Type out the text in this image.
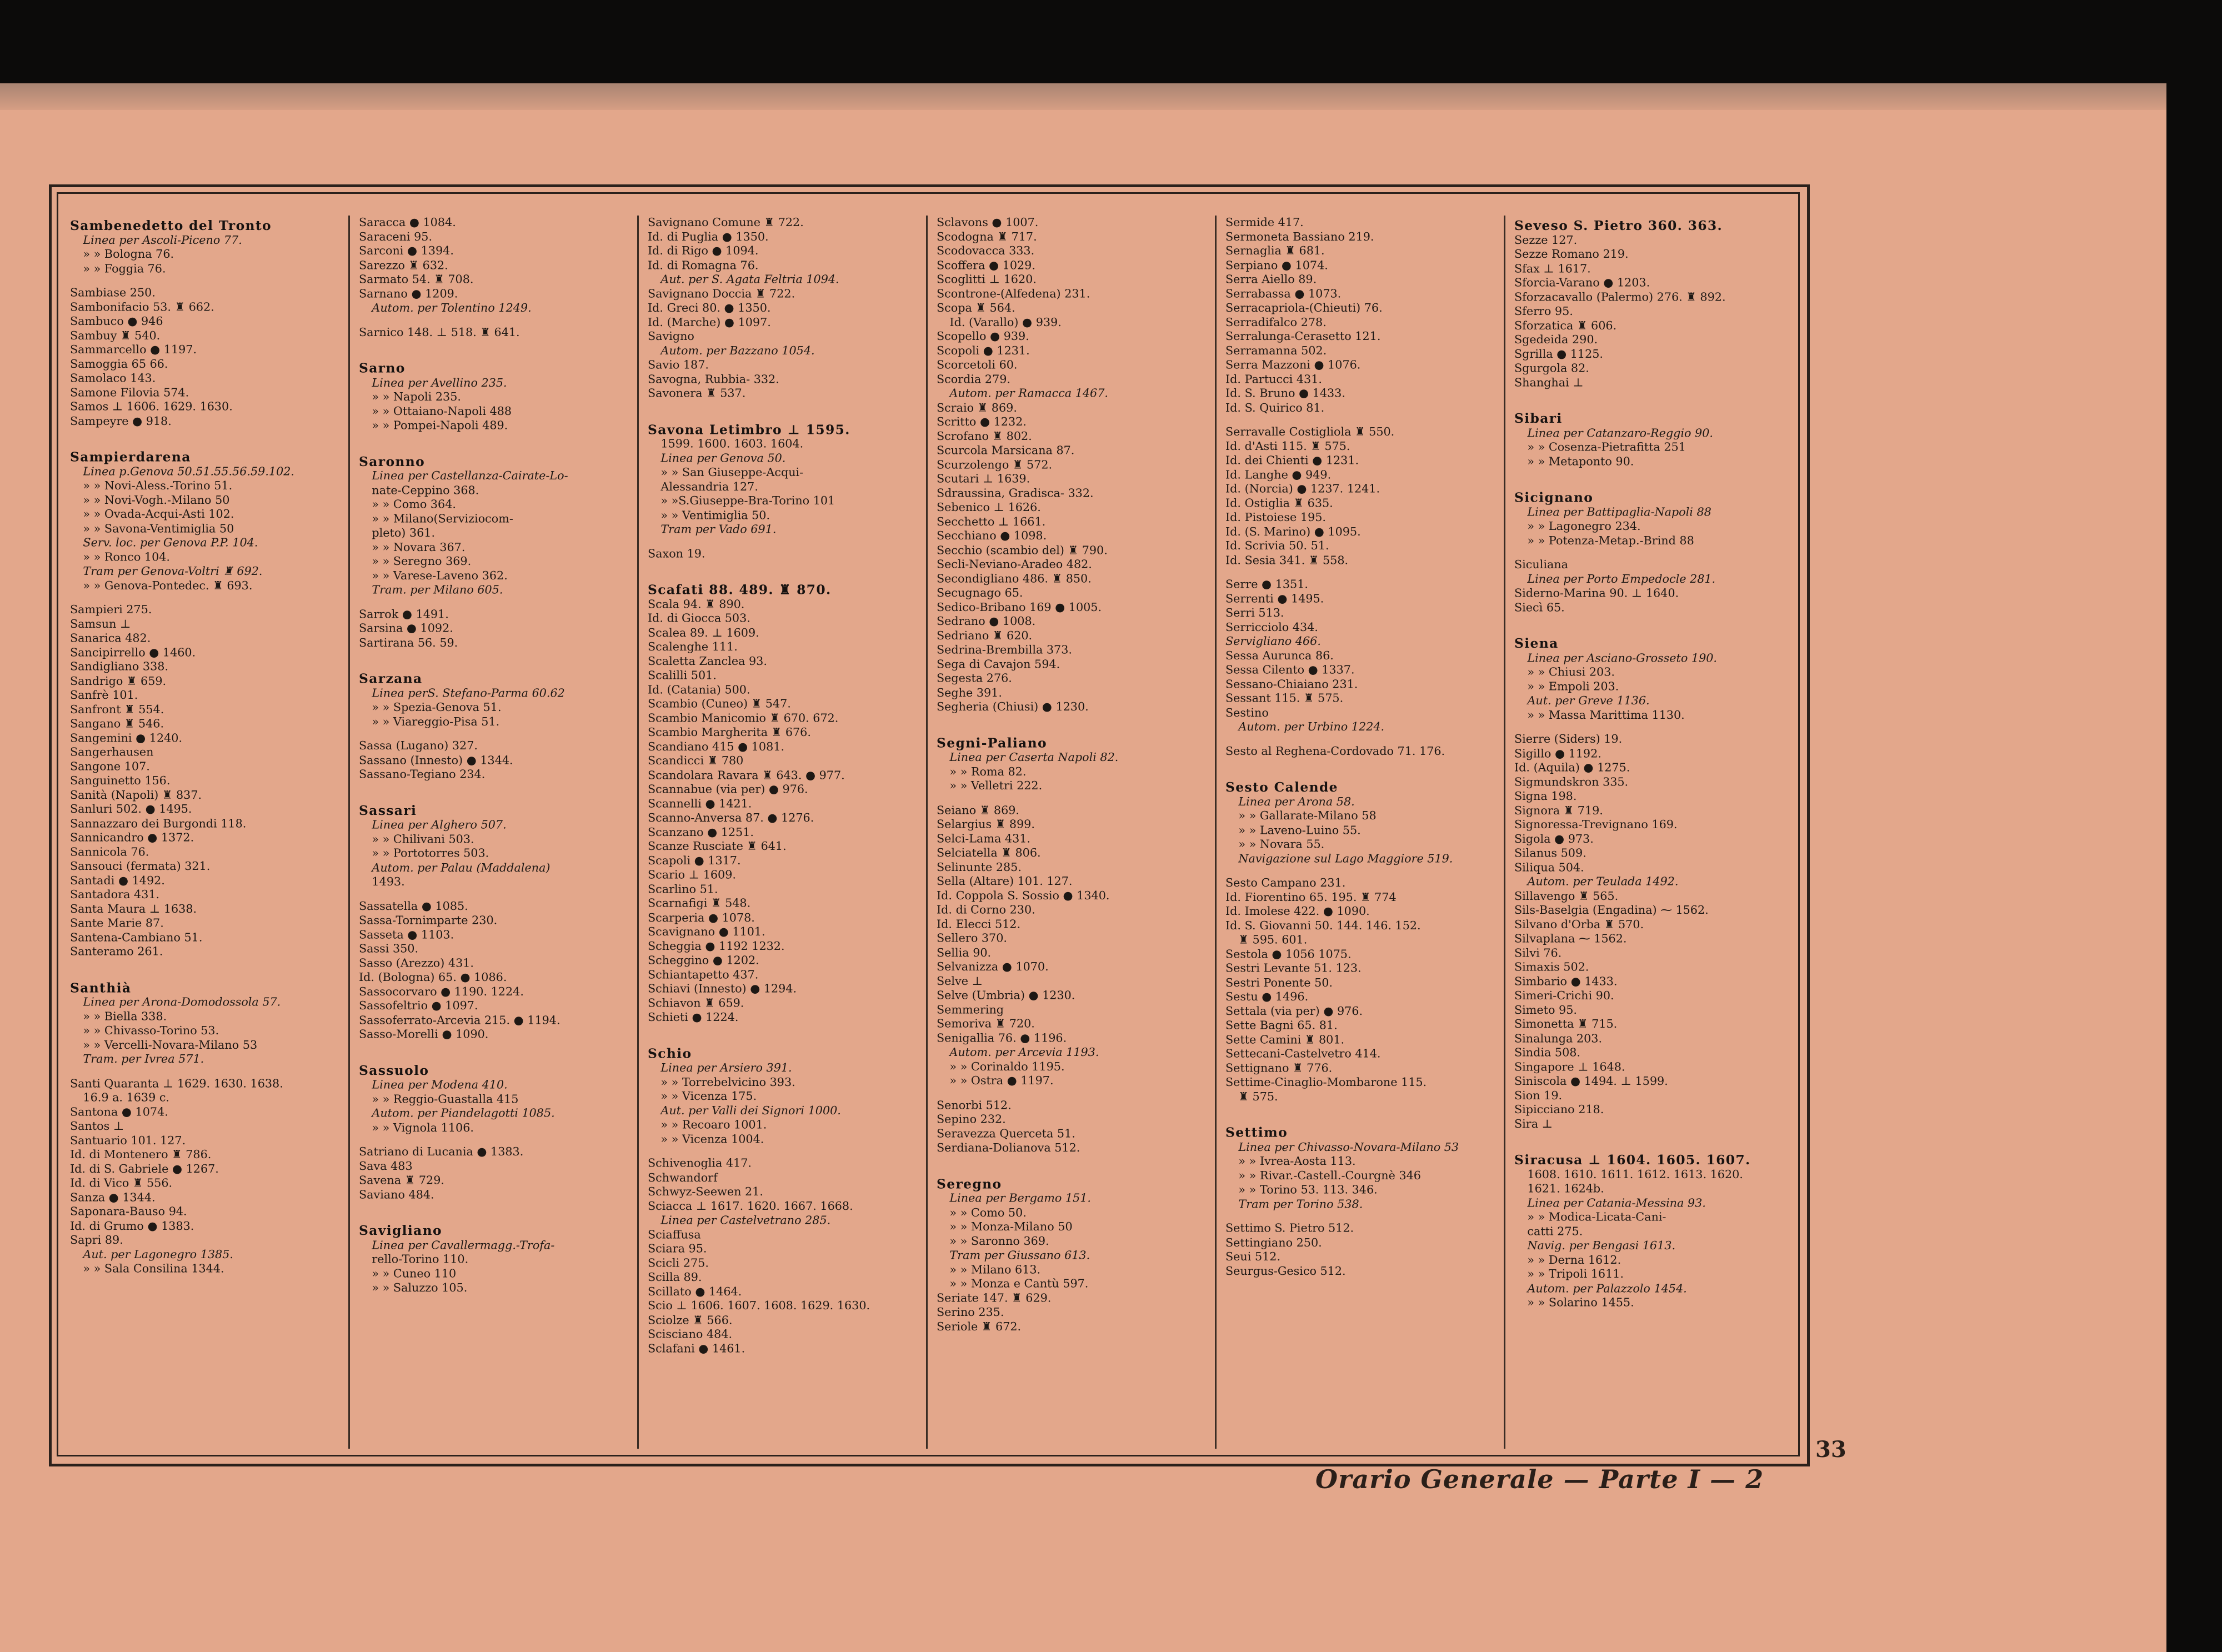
Sambenedetto del Tronto
Linea per Ascoli-Piceno 77.
» » Bologna 76.
» » Foggia 76.
Sambiase 250.
Sambonifacio 53. ♜ 662.
Sambuco ● 946
Sambuy ♜ 540.
Sammarcello ● 1197.
Samoggia 65 66.
Samolaco 143.
Samone Filovia 574.
Samos ⊥ 1606. 1629. 1630.
Sampeyre ● 918.
Sampierdarena
Linea p.Genova 50.51.55.56.59.102.
» » Novi-Aless.-Torino 51.
» » Novi-Vogh.-Milano 50
» » Ovada-Acqui-Asti 102.
» » Savona-Ventimiglia 50
Serv. loc. per Genova P.P. 104.
» » Ronco 104.
Tram per Genova-Voltri ♜ 692.
» » Genova-Pontedec. ♜ 693.
Sampieri 275.
Samsun ⊥
Sanarica 482.
Sancipirrello ● 1460.
Sandigliano 338.
Sandrigo ♜ 659.
Sanfrè 101.
Sanfront ♜ 554.
Sangano ♜ 546.
Sangemini ● 1240.
Sangerhausen
Sangone 107.
Sanguinetto 156.
Sanità (Napoli) ♜ 837.
Sanluri 502. ● 1495.
Sannazzaro dei Burgondi 118.
Sannicandro ● 1372.
Sannicola 76.
Sansouci (fermata) 321.
Santadi ● 1492.
Santadora 431.
Santa Maura ⊥ 1638.
Sante Marie 87.
Santena-Cambiano 51.
Santeramo 261.
Santhià
Linea per Arona-Domodossola 57.
» » Biella 338.
» » Chivasso-Torino 53.
» » Vercelli-Novara-Milano 53
Tram. per Ivrea 571.
Santi Quaranta ⊥ 1629. 1630. 1638.
16.9 a. 1639 c.
Santona ● 1074.
Santos ⊥
Santuario 101. 127.
Id. di Montenero ♜ 786.
Id. di S. Gabriele ● 1267.
Id. di Vico ♜ 556.
Sanza ● 1344.
Saponara-Bauso 94.
Id. di Grumo ● 1383.
Sapri 89.
Aut. per Lagonegro 1385.
» » Sala Consilina 1344.
Saracca ● 1084.
Saraceni 95.
Sarconi ● 1394.
Sarezzo ♜ 632.
Sarmato 54. ♜ 708.
Sarnano ● 1209.
Autom. per Tolentino 1249.
Sarnico 148. ⊥ 518. ♜ 641.
Sarno
Linea per Avellino 235.
» » Napoli 235.
» » Ottaiano-Napoli 488
» » Pompei-Napoli 489.
Saronno
Linea per Castellanza-Cairate-Lo-
nate-Ceppino 368.
» » Como 364.
» » Milano(Serviziocom-
pleto) 361.
» » Novara 367.
» » Seregno 369.
» » Varese-Laveno 362.
Tram. per Milano 605.
Sarrok ● 1491.
Sarsina ● 1092.
Sartirana 56. 59.
Sarzana
Linea perS. Stefano-Parma 60.62
» » Spezia-Genova 51.
» » Viareggio-Pisa 51.
Sassa (Lugano) 327.
Sassano (Innesto) ● 1344.
Sassano-Tegiano 234.
Sassari
Linea per Alghero 507.
» » Chilivani 503.
» » Portotorres 503.
Autom. per Palau (Maddalena)
1493.
Sassatella ● 1085.
Sassa-Tornimparte 230.
Sasseta ● 1103.
Sassi 350.
Sasso (Arezzo) 431.
Id. (Bologna) 65. ● 1086.
Sassocorvaro ● 1190. 1224.
Sassofeltrio ● 1097.
Sassoferrato-Arcevia 215. ● 1194.
Sasso-Morelli ● 1090.
Sassuolo
Linea per Modena 410.
» » Reggio-Guastalla 415
Autom. per Piandelagotti 1085.
» » Vignola 1106.
Satriano di Lucania ● 1383.
Sava 483
Savena ♜ 729.
Saviano 484.
Savigliano
Linea per Cavallermagg.-Trofa-
rello-Torino 110.
» » Cuneo 110
» » Saluzzo 105.
Savignano Comune ♜ 722.
Id. di Puglia ● 1350.
Id. di Rigo ● 1094.
Id. di Romagna 76.
Aut. per S. Agata Feltria 1094.
Savignano Doccia ♜ 722.
Id. Greci 80. ● 1350.
Id. (Marche) ● 1097.
Savigno
Autom. per Bazzano 1054.
Savio 187.
Savogna, Rubbia- 332.
Savonera ♜ 537.
Savona Letimbro ⊥ 1595.
1599. 1600. 1603. 1604.
Linea per Genova 50.
» » San Giuseppe-Acqui-
Alessandria 127.
» »S.Giuseppe-Bra-Torino 101
» » Ventimiglia 50.
Tram per Vado 691.
Saxon 19.
Scafati 88. 489. ♜ 870.
Scala 94. ♜ 890.
Id. di Giocca 503.
Scalea 89. ⊥ 1609.
Scalenghe 111.
Scaletta Zanclea 93.
Scalilli 501.
Id. (Catania) 500.
Scambio (Cuneo) ♜ 547.
Scambio Manicomio ♜ 670. 672.
Scambio Margherita ♜ 676.
Scandiano 415 ● 1081.
Scandicci ♜ 780
Scandolara Ravara ♜ 643. ● 977.
Scannabue (via per) ● 976.
Scannelli ● 1421.
Scanno-Anversa 87. ● 1276.
Scanzano ● 1251.
Scanze Rusciate ♜ 641.
Scapoli ● 1317.
Scario ⊥ 1609.
Scarlino 51.
Scarnafigi ♜ 548.
Scarperia ● 1078.
Scavignano ● 1101.
Scheggia ● 1192 1232.
Scheggino ● 1202.
Schiantapetto 437.
Schiavi (Innesto) ● 1294.
Schiavon ♜ 659.
Schieti ● 1224.
Schio
Linea per Arsiero 391.
» » Torrebelvicino 393.
» » Vicenza 175.
Aut. per Valli dei Signori 1000.
» » Recoaro 1001.
» » Vicenza 1004.
Schivenoglia 417.
Schwandorf
Schwyz-Seewen 21.
Sciacca ⊥ 1617. 1620. 1667. 1668.
Linea per Castelvetrano 285.
Sciaffusa
Sciara 95.
Scicli 275.
Scilla 89.
Scillato ● 1464.
Scio ⊥ 1606. 1607. 1608. 1629. 1630.
Sciolze ♜ 566.
Scisciano 484.
Sclafani ● 1461.
Sclavons ● 1007.
Scodogna ♜ 717.
Scodovacca 333.
Scoffera ● 1029.
Scoglitti ⊥ 1620.
Scontrone-(Alfedena) 231.
Scopa ♜ 564.
Id. (Varallo) ● 939.
Scopello ● 939.
Scopoli ● 1231.
Scorcetoli 60.
Scordia 279.
Autom. per Ramacca 1467.
Scraio ♜ 869.
Scritto ● 1232.
Scrofano ♜ 802.
Scurcola Marsicana 87.
Scurzolengo ♜ 572.
Scutari ⊥ 1639.
Sdraussina, Gradisca- 332.
Sebenico ⊥ 1626.
Secchetto ⊥ 1661.
Secchiano ● 1098.
Secchio (scambio del) ♜ 790.
Secli-Neviano-Aradeo 482.
Secondigliano 486. ♜ 850.
Secugnago 65.
Sedico-Bribano 169 ● 1005.
Sedrano ● 1008.
Sedriano ♜ 620.
Sedrina-Brembilla 373.
Sega di Cavajon 594.
Segesta 276.
Seghe 391.
Segheria (Chiusi) ● 1230.
Segni-Paliano
Linea per Caserta Napoli 82.
» » Roma 82.
» » Velletri 222.
Seiano ♜ 869.
Selargius ♜ 899.
Selci-Lama 431.
Selciatella ♜ 806.
Selinunte 285.
Sella (Altare) 101. 127.
Id. Coppola S. Sossio ● 1340.
Id. di Corno 230.
Id. Elecci 512.
Sellero 370.
Sellia 90.
Selvanizza ● 1070.
Selve ⊥
Selve (Umbria) ● 1230.
Semmering
Semoriva ♜ 720.
Senigallia 76. ● 1196.
Autom. per Arcevia 1193.
» » Corinaldo 1195.
» » Ostra ● 1197.
Senorbi 512.
Sepino 232.
Seravezza Querceta 51.
Serdiana-Dolianova 512.
Seregno
Linea per Bergamo 151.
» » Como 50.
» » Monza-Milano 50
» » Saronno 369.
Tram per Giussano 613.
» » Milano 613.
» » Monza e Cantù 597.
Seriate 147. ♜ 629.
Serino 235.
Seriole ♜ 672.
Sermide 417.
Sermoneta Bassiano 219.
Sernaglia ♜ 681.
Serpiano ● 1074.
Serra Aiello 89.
Serrabassa ● 1073.
Serracapriola-(Chieuti) 76.
Serradifalco 278.
Serralunga-Cerasetto 121.
Serramanna 502.
Serra Mazzoni ● 1076.
Id. Partucci 431.
Id. S. Bruno ● 1433.
Id. S. Quirico 81.
Serravalle Costigliola ♜ 550.
Id. d'Asti 115. ♜ 575.
Id. dei Chienti ● 1231.
Id. Langhe ● 949.
Id. (Norcia) ● 1237. 1241.
Id. Ostiglia ♜ 635.
Id. Pistoiese 195.
Id. (S. Marino) ● 1095.
Id. Scrivia 50. 51.
Id. Sesia 341. ♜ 558.
Serre ● 1351.
Serrenti ● 1495.
Serri 513.
Serricciolo 434.
Servigliano 466.
Sessa Aurunca 86.
Sessa Cilento ● 1337.
Sessano-Chiaiano 231.
Sessant 115. ♜ 575.
Sestino
Autom. per Urbino 1224.
Sesto al Reghena-Cordovado 71. 176.
Sesto Calende
Linea per Arona 58.
» » Gallarate-Milano 58
» » Laveno-Luino 55.
» » Novara 55.
Navigazione sul Lago Maggiore 519.
Sesto Campano 231.
Id. Fiorentino 65. 195. ♜ 774
Id. Imolese 422. ● 1090.
Id. S. Giovanni 50. 144. 146. 152.
♜ 595. 601.
Sestola ● 1056 1075.
Sestri Levante 51. 123.
Sestri Ponente 50.
Sestu ● 1496.
Settala (via per) ● 976.
Sette Bagni 65. 81.
Sette Camini ♜ 801.
Settecani-Castelvetro 414.
Settignano ♜ 776.
Settime-Cinaglio-Mombarone 115.
♜ 575.
Settimo
Linea per Chivasso-Novara-Milano 53
» » Ivrea-Aosta 113.
» » Rivar.-Castell.-Courgnè 346
» » Torino 53. 113. 346.
Tram per Torino 538.
Settimo S. Pietro 512.
Settingiano 250.
Seui 512.
Seurgus-Gesico 512.
Seveso S. Pietro 360. 363.
Sezze 127.
Sezze Romano 219.
Sfax ⊥ 1617.
Sforcia-Varano ● 1203.
Sforzacavallo (Palermo) 276. ♜ 892.
Sferro 95.
Sforzatica ♜ 606.
Sgedeida 290.
Sgrilla ● 1125.
Sgurgola 82.
Shanghai ⊥
Sibari
Linea per Catanzaro-Reggio 90.
» » Cosenza-Pietrafitta 251
» » Metaponto 90.
Sicignano
Linea per Battipaglia-Napoli 88
» » Lagonegro 234.
» » Potenza-Metap.-Brind 88
Siculiana
Linea per Porto Empedocle 281.
Siderno-Marina 90. ⊥ 1640.
Siecì 65.
Siena
Linea per Asciano-Grosseto 190.
» » Chiusi 203.
» » Empoli 203.
Aut. per Greve 1136.
» » Massa Marittima 1130.
Sierre (Siders) 19.
Sigillo ● 1192.
Id. (Aquila) ● 1275.
Sigmundskron 335.
Signa 198.
Signora ♜ 719.
Signoressa-Trevignano 169.
Sigola ● 973.
Silanus 509.
Siliqua 504.
Autom. per Teulada 1492.
Sillavengo ♜ 565.
Sils-Baselgia (Engadina) ⁓ 1562.
Silvano d'Orba ♜ 570.
Silvaplana ⁓ 1562.
Silvi 76.
Simaxis 502.
Simbario ● 1433.
Simeri-Crichi 90.
Simeto 95.
Simonetta ♜ 715.
Sinalunga 203.
Sindia 508.
Singapore ⊥ 1648.
Siniscola ● 1494. ⊥ 1599.
Sion 19.
Sipicciano 218.
Sira ⊥
Siracusa ⊥ 1604. 1605. 1607.
1608. 1610. 1611. 1612. 1613. 1620.
1621. 1624b.
Linea per Catania-Messina 93.
» » Modica-Licata-Cani-
catti 275.
Navig. per Bengasi 1613.
» » Derna 1612.
» » Tripoli 1611.
Autom. per Palazzolo 1454.
» » Solarino 1455.
33
Orario Generale — Parte I — 2
